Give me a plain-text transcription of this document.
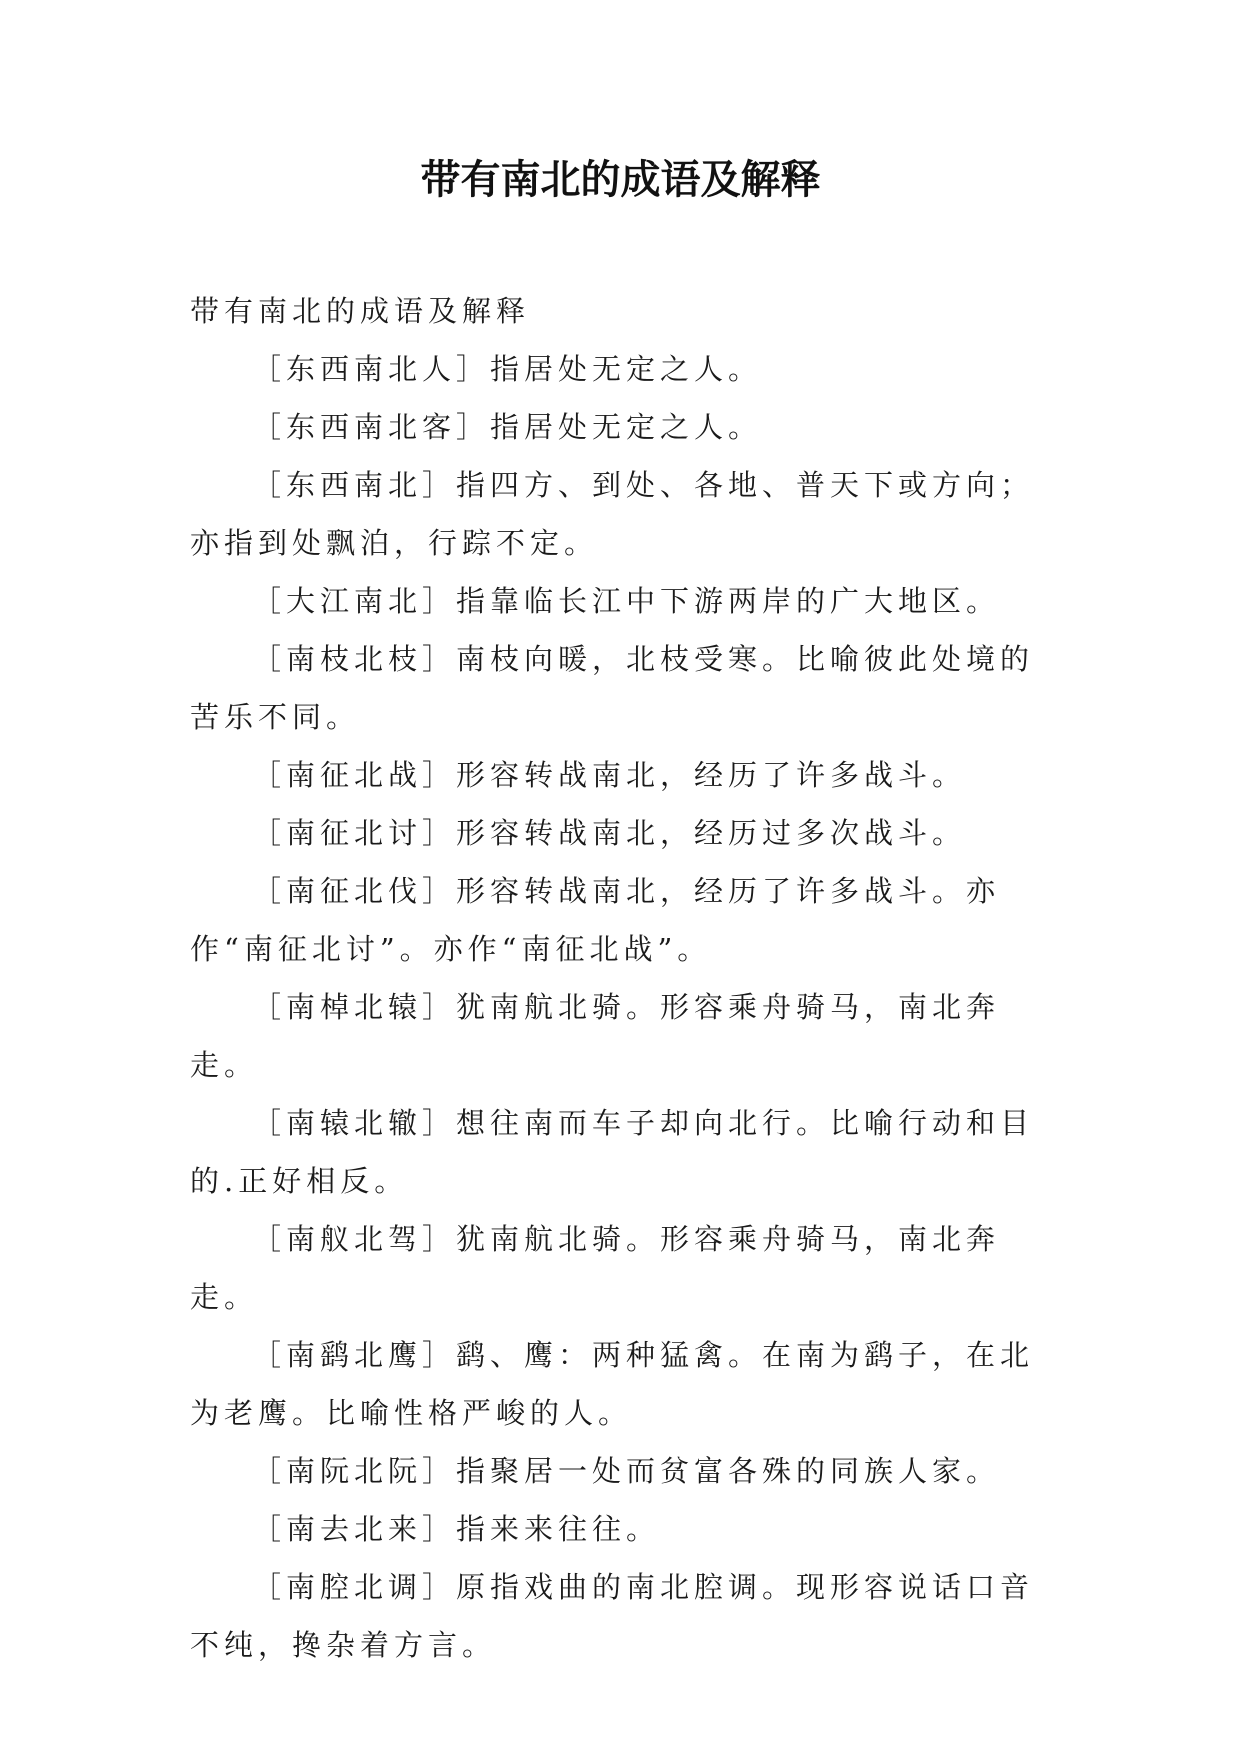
带有南北的成语及解释

带有南北的成语及解释

［东西南北人］指居处无定之人。

［东西南北客］指居处无定之人。

［东西南北］指四方、到处、各地、普天下或方向；亦指到处飘泊，行踪不定。

［大江南北］指靠临长江中下游两岸的广大地区。

［南枝北枝］南枝向暖，北枝受寒。比喻彼此处境的苦乐不同。

［南征北战］形容转战南北，经历了许多战斗。

［南征北讨］形容转战南北，经历过多次战斗。

［南征北伐］形容转战南北，经历了许多战斗。亦作“南征北讨”。亦作“南征北战”。

［南棹北辕］犹南航北骑。形容乘舟骑马，南北奔走。

［南辕北辙］想往南而车子却向北行。比喻行动和目的.正好相反。

［南舣北驾］犹南航北骑。形容乘舟骑马，南北奔走。

［南鹞北鹰］鹞、鹰：两种猛禽。在南为鹞子，在北为老鹰。比喻性格严峻的人。

［南阮北阮］指聚居一处而贫富各殊的同族人家。

［南去北来］指来来往往。

［南腔北调］原指戏曲的南北腔调。现形容说话口音不纯，搀杂着方言。
